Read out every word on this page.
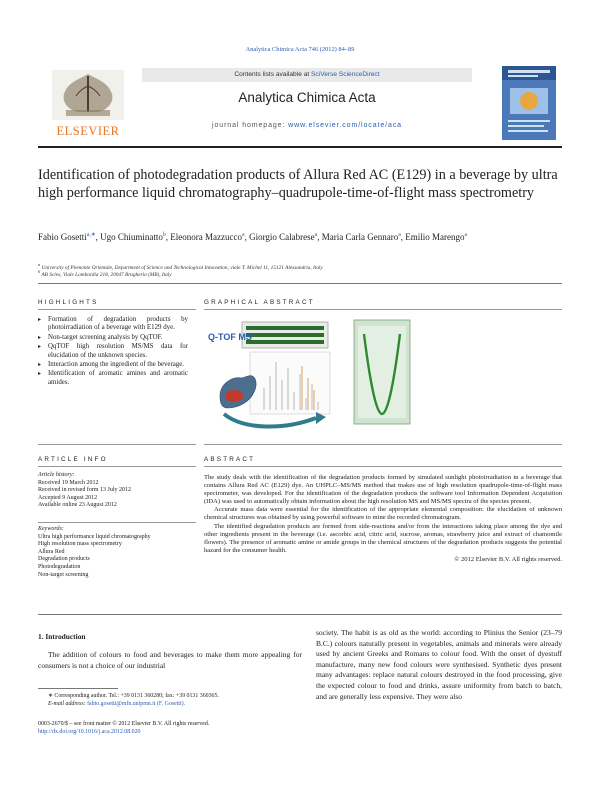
Analytica Chimica Acta 746 (2012) 84–89
ELSEVIER
Contents lists available at SciVerse ScienceDirect
Analytica Chimica Acta
journal homepage: www.elsevier.com/locate/aca
Identification of photodegradation products of Allura Red AC (E129) in a beverage by ultra high performance liquid chromatography–quadrupole-time-of-flight mass spectrometry
Fabio Gosetti$^{a,∗}$, Ugo Chiuminatto$^b$, Eleonora Mazzucco$^a$, Giorgio Calabrese$^a$, Maria Carla Gennaro$^a$, Emilio Marengo$^a$
$^a$ University of Piemonte Orientale, Department of Science and Technological Innovation, viale T. Michel 11, 15121 Alessandria, Italy
$^b$ AB Sciex, Viale Lombardia 218, 20047 Brugherio (MB), Italy
HIGHLIGHTS	GRAPHICAL ABSTRACT
▸ Formation of degradation products by photoirradiation of a beverage with E129 dye.
▸ Non-target screening analysis by QqTOF.
▸ QqTOF high resolution MS/MS data for elucidation of the unknown species.
▸ Interaction among the ingredient of the beverage.
▸ Identification of aromatic amines and aromatic amides.
Q-TOF MS
ARTICLE INFO	ABSTRACT
Article history:
Received 19 March 2012
Received in revised form 13 July 2012
Accepted 9 August 2012
Available online 23 August 2012
Keywords:
Ultra high performance liquid chromatography
High resolution mass spectrometry
Allura Red
Degradation products
Photodegradation
Non-target screening

The study deals with the identification of the degradation products formed by simulated sunlight photoirradiation in a beverage that contains Allura Red AC (E129) dye. An UHPLC–MS/MS method that makes use of high resolution quadrupole-time-of-flight mass spectrometer, was developed. For the identification of the degradation products the software tool Information Dependent Acquisition (IDA) was used to automatically obtain information about the high resolution MS and MS/MS spectra of the species present.

Accurate mass data were essential for the identification of the appropriate elemental composition: the elucidation of unknown chemical structures was obtained by using powerful software to mine the recorded chromatogram.

The identified degradation products are formed from side-reactions and/or from the interactions taking place among the dye and other ingredients present in the beverage (i.e. ascorbic acid, citric acid, sucrose, aromas, strawberry juice and extract of chamomile flowers). The presence of aromatic amine or amide groups in the chemical structures of the degradation products suggests the potential hazard for the consumer health.

© 2012 Elsevier B.V. All rights reserved.

1. Introduction
The addition of colours to food and beverages to make them more appealing for consumers is not a choice of our industrial
society. The habit is as old as the world: according to Plinius the Senior (23–79 B.C.) colours naturally present in vegetables, animals and minerals were already used by ancient Greeks and Romans to colour food. With the onset of dyestuff manufacture, many new food colours were synthesised. Synthetic dyes present many advantages: replace natural colours destroyed in the food processing, give the expected colour to food and drinks, assure uniformity from batch to batch, and are generally less expensive. They were also
∗ Corresponding author. Tel.: +39 0131 360280; fax: +39 0131 360365.
E-mail address: fabio.gosetti@mfn.unipmn.it (F. Gosetti).
0003-2670/$ – see front matter © 2012 Elsevier B.V. All rights reserved.
http://dx.doi.org/10.1016/j.aca.2012.08.020
